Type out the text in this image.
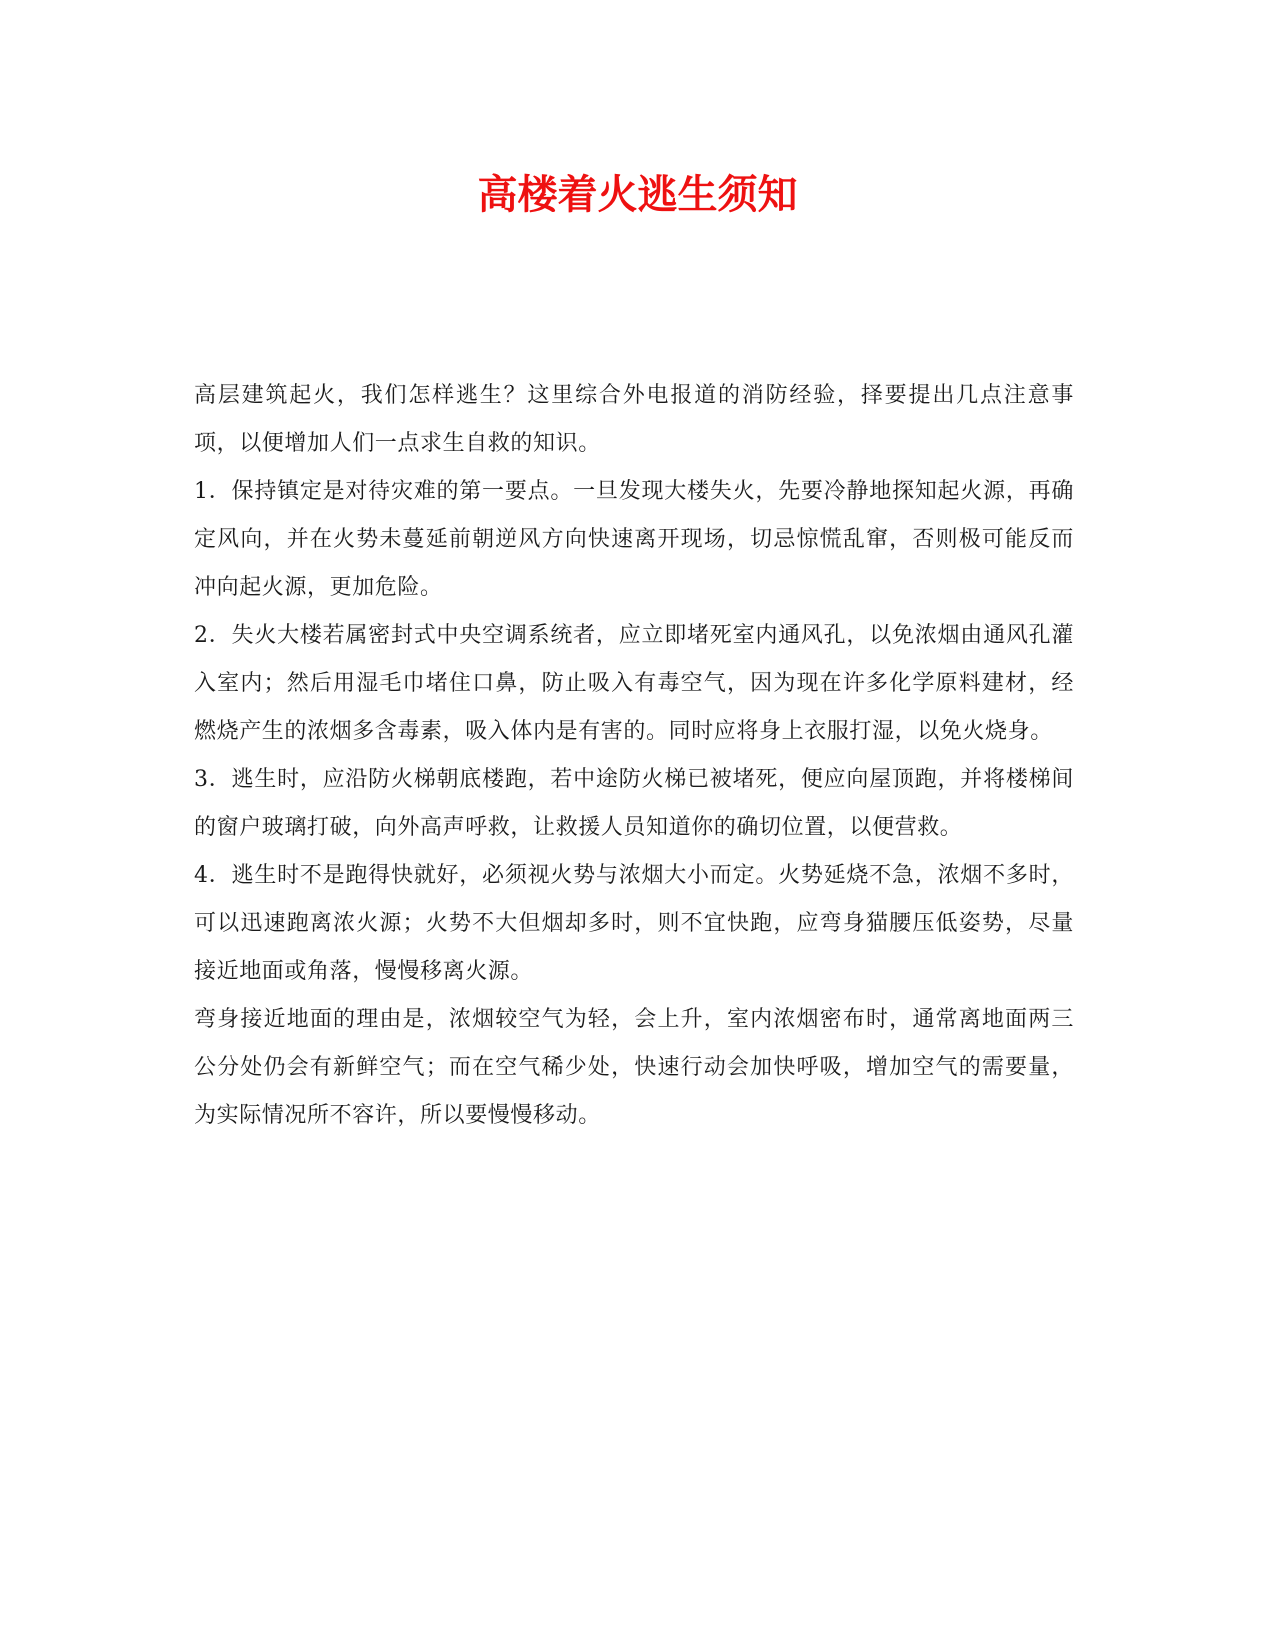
高楼着火逃生须知

高层建筑起火，我们怎样逃生？这里综合外电报道的消防经验，择要提出几点注意事项，以便增加人们一点求生自救的知识。

1．保持镇定是对待灾难的第一要点。一旦发现大楼失火，先要冷静地探知起火源，再确定风向，并在火势未蔓延前朝逆风方向快速离开现场，切忌惊慌乱窜，否则极可能反而冲向起火源，更加危险。

2．失火大楼若属密封式中央空调系统者，应立即堵死室内通风孔，以免浓烟由通风孔灌入室内；然后用湿毛巾堵住口鼻，防止吸入有毒空气，因为现在许多化学原料建材，经燃烧产生的浓烟多含毒素，吸入体内是有害的。同时应将身上衣服打湿，以免火烧身。

3．逃生时，应沿防火梯朝底楼跑，若中途防火梯已被堵死，便应向屋顶跑，并将楼梯间的窗户玻璃打破，向外高声呼救，让救援人员知道你的确切位置，以便营救。

4．逃生时不是跑得快就好，必须视火势与浓烟大小而定。火势延烧不急，浓烟不多时，可以迅速跑离浓火源；火势不大但烟却多时，则不宜快跑，应弯身猫腰压低姿势，尽量接近地面或角落，慢慢移离火源。

弯身接近地面的理由是，浓烟较空气为轻，会上升，室内浓烟密布时，通常离地面两三公分处仍会有新鲜空气；而在空气稀少处，快速行动会加快呼吸，增加空气的需要量，为实际情况所不容许，所以要慢慢移动。
